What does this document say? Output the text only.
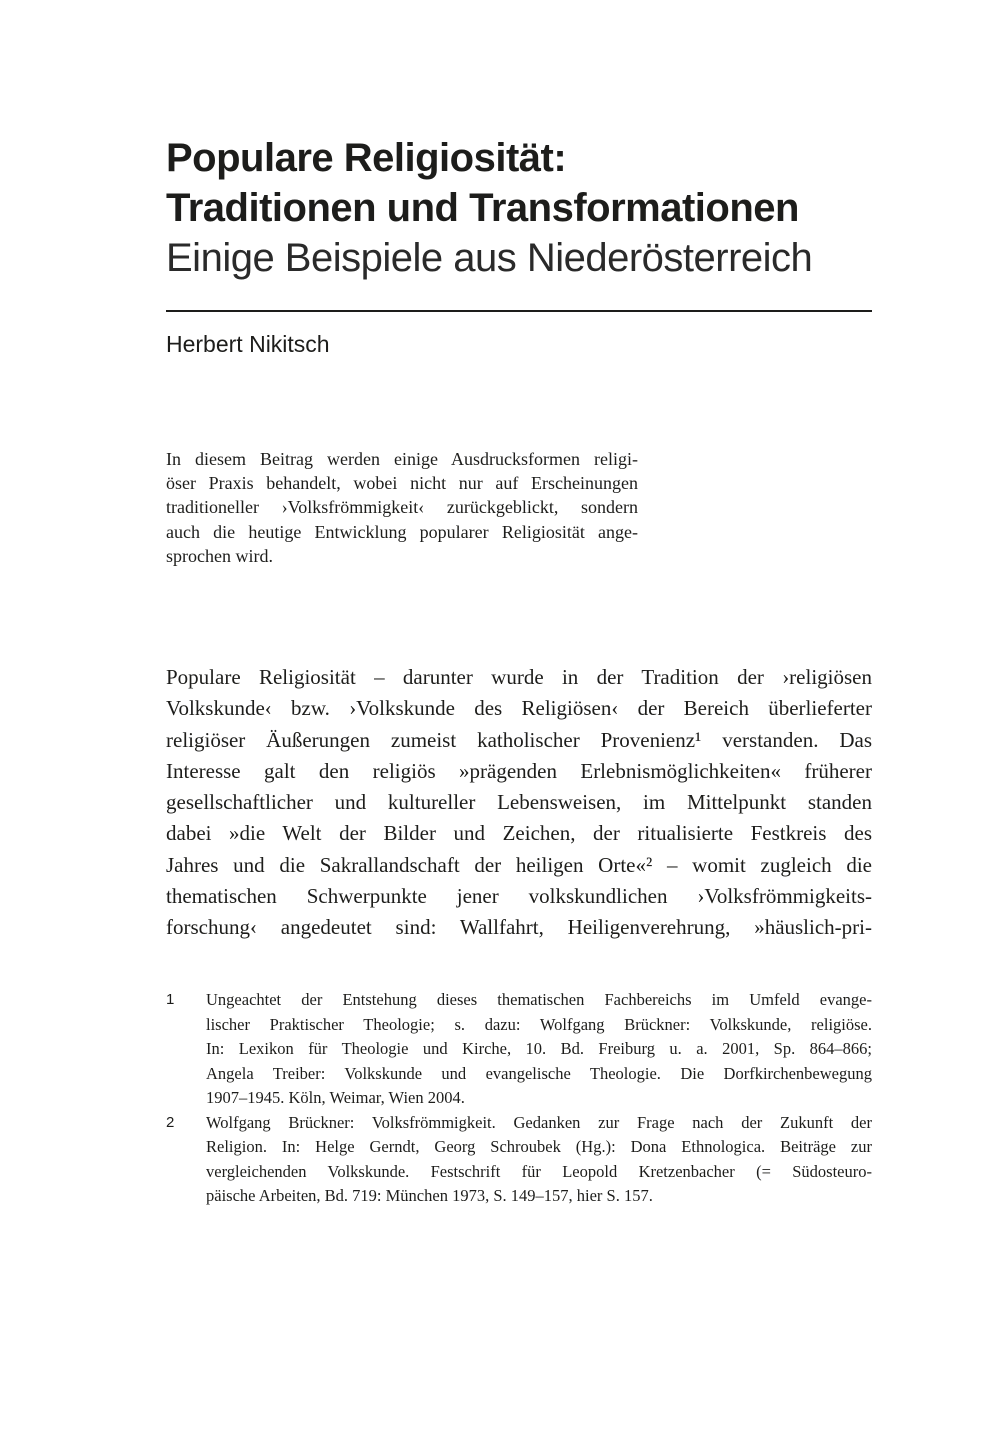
Populare Religiosität:
Traditionen und Transformationen
Einige Beispiele aus Niederösterreich
Herbert Nikitsch
In diesem Beitrag werden einige Ausdrucksformen religi-
öser Praxis behandelt, wobei nicht nur auf Erscheinungen
traditioneller ›Volksfrömmigkeit‹ zurückgeblickt, sondern
auch die heutige Entwicklung popularer Religiosität ange-
sprochen wird.
Populare Religiosität – darunter wurde in der Tradition der ›religiösen
Volkskunde‹ bzw. ›Volkskunde des Religiösen‹ der Bereich überlieferter
religiöser Äußerungen zumeist katholischer Provenienz¹ verstanden. Das
Interesse galt den religiös »prägenden Erlebnismöglichkeiten« früherer
gesellschaftlicher und kultureller Lebensweisen, im Mittelpunkt standen
dabei »die Welt der Bilder und Zeichen, der ritualisierte Festkreis des
Jahres und die Sakrallandschaft der heiligen Orte«² – womit zugleich die
thematischen Schwerpunkte jener volkskundlichen ›Volksfrömmigkeits-
forschung‹ angedeutet sind: Wallfahrt, Heiligenverehrung, »häuslich-pri-
1	Ungeachtet der Entstehung dieses thematischen Fachbereichs im Umfeld evange-
lischer Praktischer Theologie; s. dazu: Wolfgang Brückner: Volkskunde, religiöse.
In: Lexikon für Theologie und Kirche, 10. Bd. Freiburg u. a. 2001, Sp. 864–866;
Angela Treiber: Volkskunde und evangelische Theologie. Die Dorfkirchenbewegung
1907–1945. Köln, Weimar, Wien 2004.
2	Wolfgang Brückner: Volksfrömmigkeit. Gedanken zur Frage nach der Zukunft der
Religion. In: Helge Gerndt, Georg Schroubek (Hg.): Dona Ethnologica. Beiträge zur
vergleichenden Volkskunde. Festschrift für Leopold Kretzenbacher (= Südosteuro-
päische Arbeiten, Bd. 719: München 1973, S. 149–157, hier S. 157.
